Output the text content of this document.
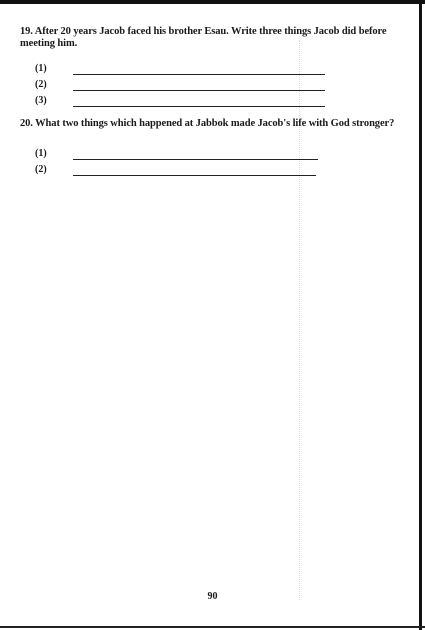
19. After 20 years Jacob faced his brother Esau. Write three things Jacob did before meeting him.
(1)
(2)
(3)
20. What two things which happened at Jabbok made Jacob's life with God stronger?
(1)
(2)
90
